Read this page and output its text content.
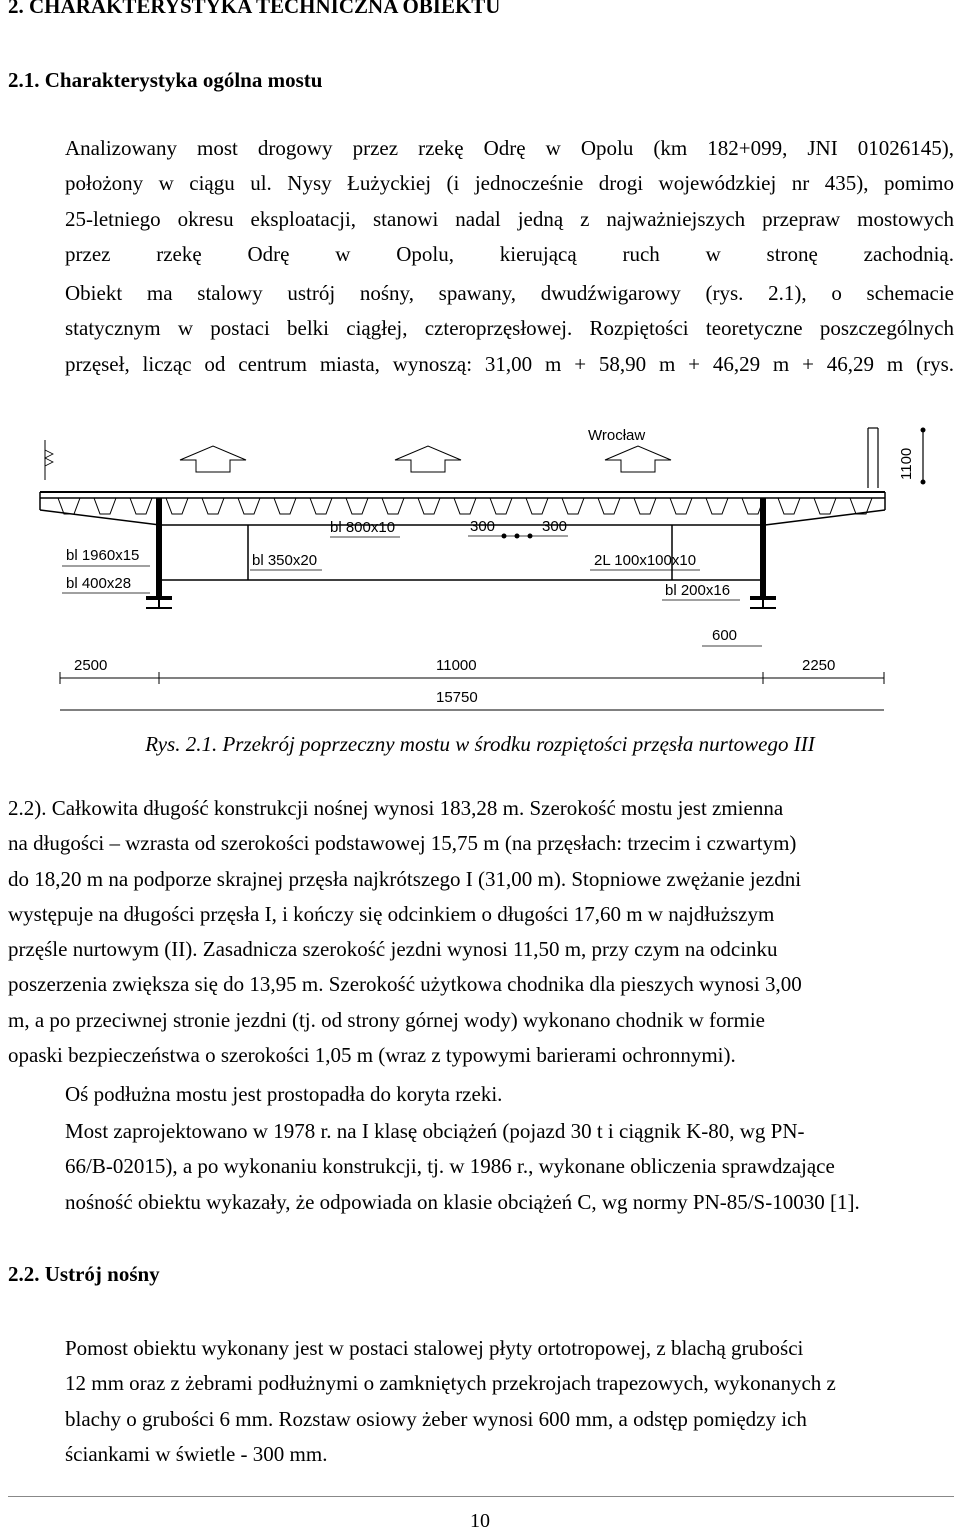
2. CHARAKTERYSTYKA TECHNICZNA OBIEKTU
2.1. Charakterystyka ogólna mostu
Analizowany most drogowy przez rzekę Odrę w Opolu (km 182+099, JNI 01026145),
położony w ciągu ul. Nysy Łużyckiej (i jednocześnie drogi wojewódzkiej nr 435), pomimo
25-letniego okresu eksploatacji, stanowi nadal jedną z najważniejszych przepraw mostowych
przez rzekę Odrę w Opolu, kierującą ruch w stronę zachodnią.
Obiekt ma stalowy ustrój nośny, spawany, dwudźwigarowy (rys. 2.1), o schemacie
statycznym w postaci belki ciągłej, czteroprzęsłowej. Rozpiętości teoretyczne poszczególnych
przęseł, licząc od centrum miasta, wynoszą: 31,00 m + 58,90 m + 46,29 m + 46,29 m (rys.
Wrocław
1100
bl 800x10	300	300
bl 1960x15
bl 400x28
bl 350x20	2L 100x100x10
bl 200x16
600
2500	11000	2250
15750
Rys. 2.1. Przekrój poprzeczny mostu w środku rozpiętości przęsła nurtowego III
2.2). Całkowita długość konstrukcji nośnej wynosi 183,28 m. Szerokość mostu jest zmienna
na długości – wzrasta od szerokości podstawowej 15,75 m (na przęsłach: trzecim i czwartym)
do 18,20 m na podporze skrajnej przęsła najkrótszego I (31,00 m). Stopniowe zwężanie jezdni
występuje na długości przęsła I, i kończy się odcinkiem o długości 17,60 m w najdłuższym
przęśle nurtowym (II). Zasadnicza szerokość jezdni wynosi 11,50 m, przy czym na odcinku
poszerzenia zwiększa się do 13,95 m. Szerokość użytkowa chodnika dla pieszych wynosi 3,00
m, a po przeciwnej stronie jezdni (tj. od strony górnej wody) wykonano chodnik w formie
opaski bezpieczeństwa o szerokości 1,05 m (wraz z typowymi barierami ochronnymi).
Oś podłużna mostu jest prostopadła do koryta rzeki.
Most zaprojektowano w 1978 r. na I klasę obciążeń (pojazd 30 t i ciągnik K-80, wg PN-
66/B-02015), a po wykonaniu konstrukcji, tj. w 1986 r., wykonane obliczenia sprawdzające
nośność obiektu wykazały, że odpowiada on klasie obciążeń C, wg normy PN-85/S-10030 [1].
2.2. Ustrój nośny
Pomost obiektu wykonany jest w postaci stalowej płyty ortotropowej, z blachą grubości
12 mm oraz z żebrami podłużnymi o zamkniętych przekrojach trapezowych, wykonanych z
blachy o grubości 6 mm. Rozstaw osiowy żeber wynosi 600 mm, a odstęp pomiędzy ich
ściankami w świetle - 300 mm.
10
